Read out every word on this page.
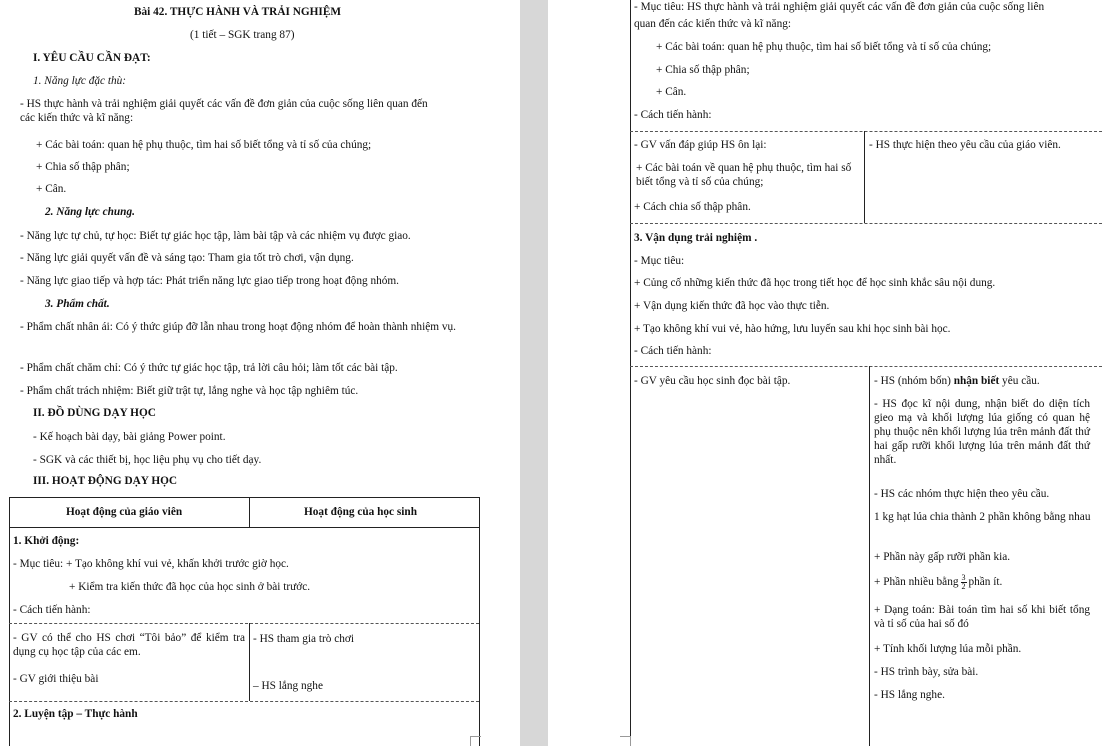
Bài 42. THỰC HÀNH VÀ TRẢI NGHIỆM
(1 tiết – SGK trang 87)
I. YÊU CẦU CẦN ĐẠT:
1. Năng lực đặc thù:
- HS thực hành và trải nghiệm giải quyết các vấn đề đơn giản của cuộc sống liên quan đến
các kiến thức và kĩ năng:
+ Các bài toán: quan hệ phụ thuộc, tìm hai số biết tổng và tỉ số của chúng;
+ Chia số thập phân;
+ Cân.
2. Năng lực chung.
- Năng lực tự chủ, tự học: Biết tự giác học tập, làm bài tập và các nhiệm vụ được giao.
- Năng lực giải quyết vấn đề và sáng tạo: Tham gia tốt trò chơi, vận dụng.
- Năng lực giao tiếp và hợp tác: Phát triển năng lực giao tiếp trong hoạt động nhóm.
3. Phẩm chất.
- Phẩm chất nhân ái: Có ý thức giúp đỡ lẫn nhau trong hoạt động nhóm để hoàn thành nhiệm vụ.
- Phẩm chất chăm chỉ: Có ý thức tự giác học tập, trả lời câu hỏi; làm tốt các bài tập.
- Phẩm chất trách nhiệm: Biết giữ trật tự, lắng nghe và học tập nghiêm túc.
II. ĐỒ DÙNG DẠY HỌC
- Kế hoạch bài dạy, bài giảng Power point.
- SGK và các thiết bị, học liệu phụ vụ cho tiết dạy.
III. HOẠT ĐỘNG DẠY HỌC
Hoạt động của giáo viên	Hoạt động của học sinh
1. Khởi động:
- Mục tiêu: + Tạo không khí vui vẻ, khấn khởi trước giờ học.
+ Kiểm tra kiến thức đã học của học sinh ở bài trước.
- Cách tiến hành:
- GV có thể cho HS chơi “Tôi bảo” để kiểm tra dụng cụ học tập của các em.
- HS tham gia trò chơi
- GV giới thiệu bài
– HS lắng nghe
2. Luyện tập – Thực hành
- Mục tiêu: HS thực hành và trải nghiệm giải quyết các vấn đề đơn giản của cuộc sống liên
quan đến các kiến thức và kĩ năng:
+ Các bài toán: quan hệ phụ thuộc, tìm hai số biết tổng và tỉ số của chúng;
+ Chia số thập phân;
+ Cân.
- Cách tiến hành:
- GV vấn đáp giúp HS ôn lại:
+ Các bài toán về quan hệ phụ thuộc, tìm hai số biết tổng và tỉ số của chúng;
+ Cách chia số thập phân.
- HS thực hiện theo yêu cầu của giáo viên.
3. Vận dụng trải nghiệm .
- Mục tiêu:
+ Củng cố những kiến thức đã học trong tiết học để học sinh khắc sâu nội dung.
+ Vận dụng kiến thức đã học vào thực tiễn.
+ Tạo không khí vui vẻ, hào hứng, lưu luyến sau khi học sinh bài học.
- Cách tiến hành:
- GV yêu cầu học sinh đọc bài tập.	- HS (nhóm bốn) nhận biết yêu cầu.
- HS đọc kĩ nội dung, nhận biết do diện tích gieo mạ và khối lượng lúa giống có quan hệ phụ thuộc nên khối lượng lúa trên mảnh đất thứ hai gấp rưỡi khối lượng lúa trên mảnh đất thứ nhất.
- HS các nhóm thực hiện theo yêu cầu.
1 kg hạt lúa chia thành 2 phần không bằng nhau
+ Phần này gấp rưỡi phần kia.
+ Phần nhiều bằng $\frac{3}{2}$ phần ít.
+ Dạng toán: Bài toán tìm hai số khi biết tổng và tỉ số của hai số đó
+ Tính khối lượng lúa mỗi phần.
- HS trình bày, sửa bài.
- HS lắng nghe.
